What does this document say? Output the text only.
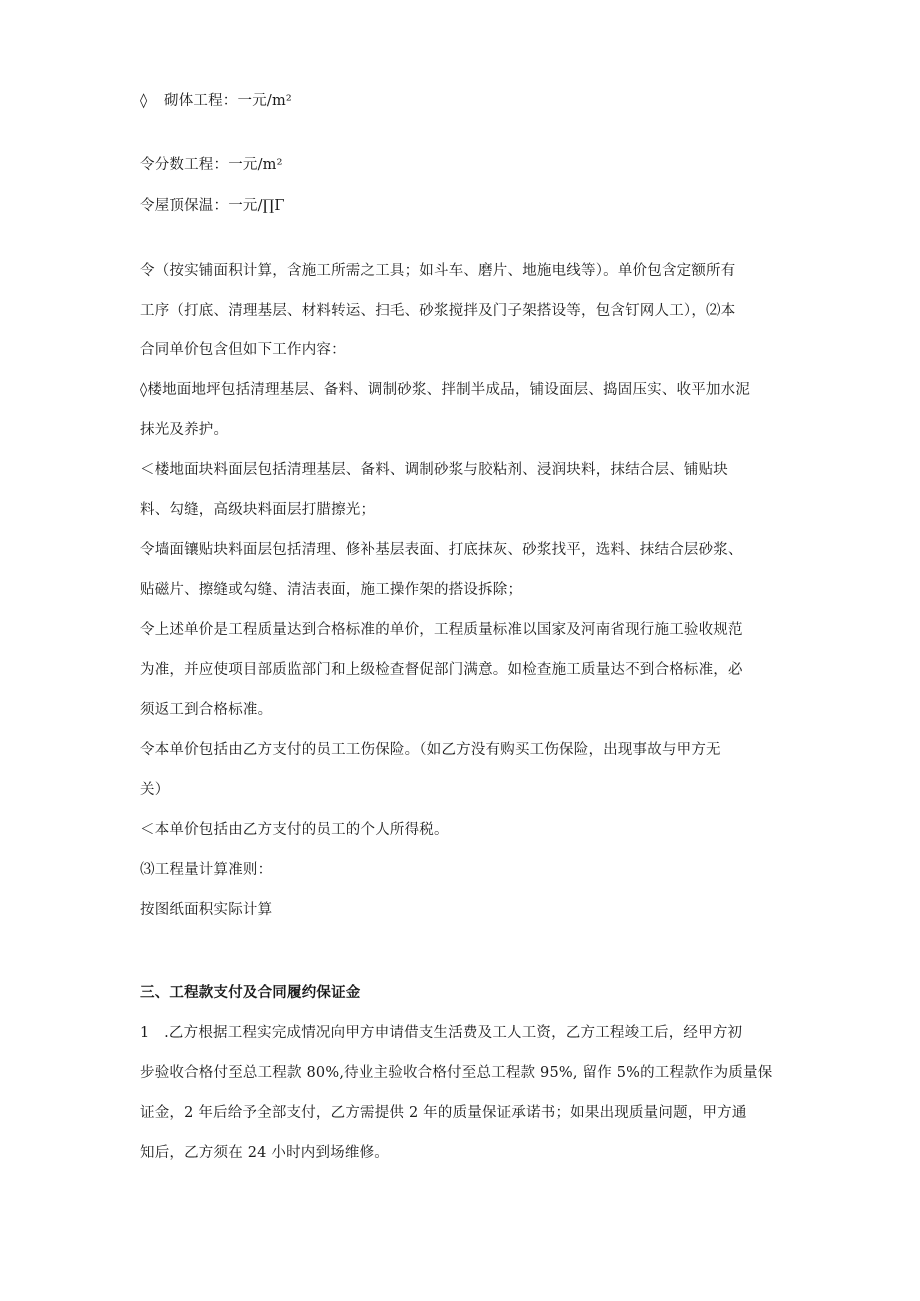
◊ 砌体工程：一元/m²
令分数工程：一元/m²
令屋顶保温：一元/∏Γ
令（按实铺面积计算，含施工所需之工具；如斗车、磨片、地施电线等）。单价包含定额所有
工序（打底、清理基层、材料转运、扫毛、砂浆搅拌及门子架搭设等，包含钉网人工），⑵本
合同单价包含但如下工作内容：
◊楼地面地坪包括清理基层、备料、调制砂浆、拌制半成品，铺设面层、捣固压实、收平加水泥
抹光及养护。
＜楼地面块料面层包括清理基层、备料、调制砂浆与胶粘剂、浸润块料，抹结合层、铺贴块
料、勾缝，高级块料面层打腊擦光；
令墙面镶贴块料面层包括清理、修补基层表面、打底抹灰、砂浆找平，选料、抹结合层砂浆、
贴磁片、擦缝或勾缝、清洁表面，施工操作架的搭设拆除；
令上述单价是工程质量达到合格标准的单价，工程质量标准以国家及河南省现行施工验收规范
为准，并应使项目部质监部门和上级检查督促部门满意。如检查施工质量达不到合格标准，必
须返工到合格标准。
令本单价包括由乙方支付的员工工伤保险。（如乙方没有购买工伤保险，出现事故与甲方无
关）
＜本单价包括由乙方支付的员工的个人所得税。
⑶工程量计算准则：
按图纸面积实际计算
三、工程款支付及合同履约保证金
1　.乙方根据工程实完成情况向甲方申请借支生活费及工人工资，乙方工程竣工后，经甲方初
步验收合格付至总工程款 80%,待业主验收合格付至总工程款 95%, 留作 5%的工程款作为质量保
证金，2 年后给予全部支付，乙方需提供 2 年的质量保证承诺书；如果出现质量问题，甲方通
知后，乙方须在 24 小时内到场维修。
